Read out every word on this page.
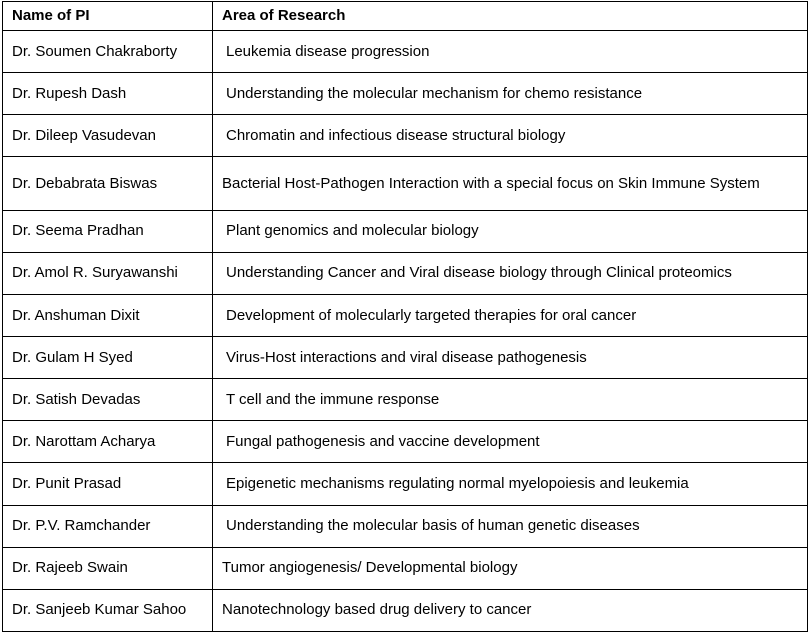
Name of PI	Area of Research
Dr. Soumen Chakraborty	Leukemia disease progression
Dr. Rupesh Dash	Understanding the molecular mechanism for chemo resistance
Dr. Dileep Vasudevan	Chromatin and infectious disease structural biology
Dr. Debabrata Biswas	Bacterial Host-Pathogen Interaction with a special focus on Skin Immune System
Dr. Seema Pradhan	Plant genomics and molecular biology
Dr. Amol R. Suryawanshi	Understanding Cancer and Viral disease biology through Clinical proteomics
Dr. Anshuman Dixit	Development of molecularly targeted therapies for oral cancer
Dr. Gulam H Syed	Virus-Host interactions and viral disease pathogenesis
Dr. Satish Devadas	T cell and the immune response
Dr. Narottam Acharya	Fungal pathogenesis and vaccine development
Dr. Punit Prasad	Epigenetic mechanisms regulating normal myelopoiesis and leukemia
Dr. P.V. Ramchander	Understanding the molecular basis of human genetic diseases
Dr. Rajeeb Swain	Tumor angiogenesis/ Developmental biology
Dr. Sanjeeb Kumar Sahoo	Nanotechnology based drug delivery to cancer
